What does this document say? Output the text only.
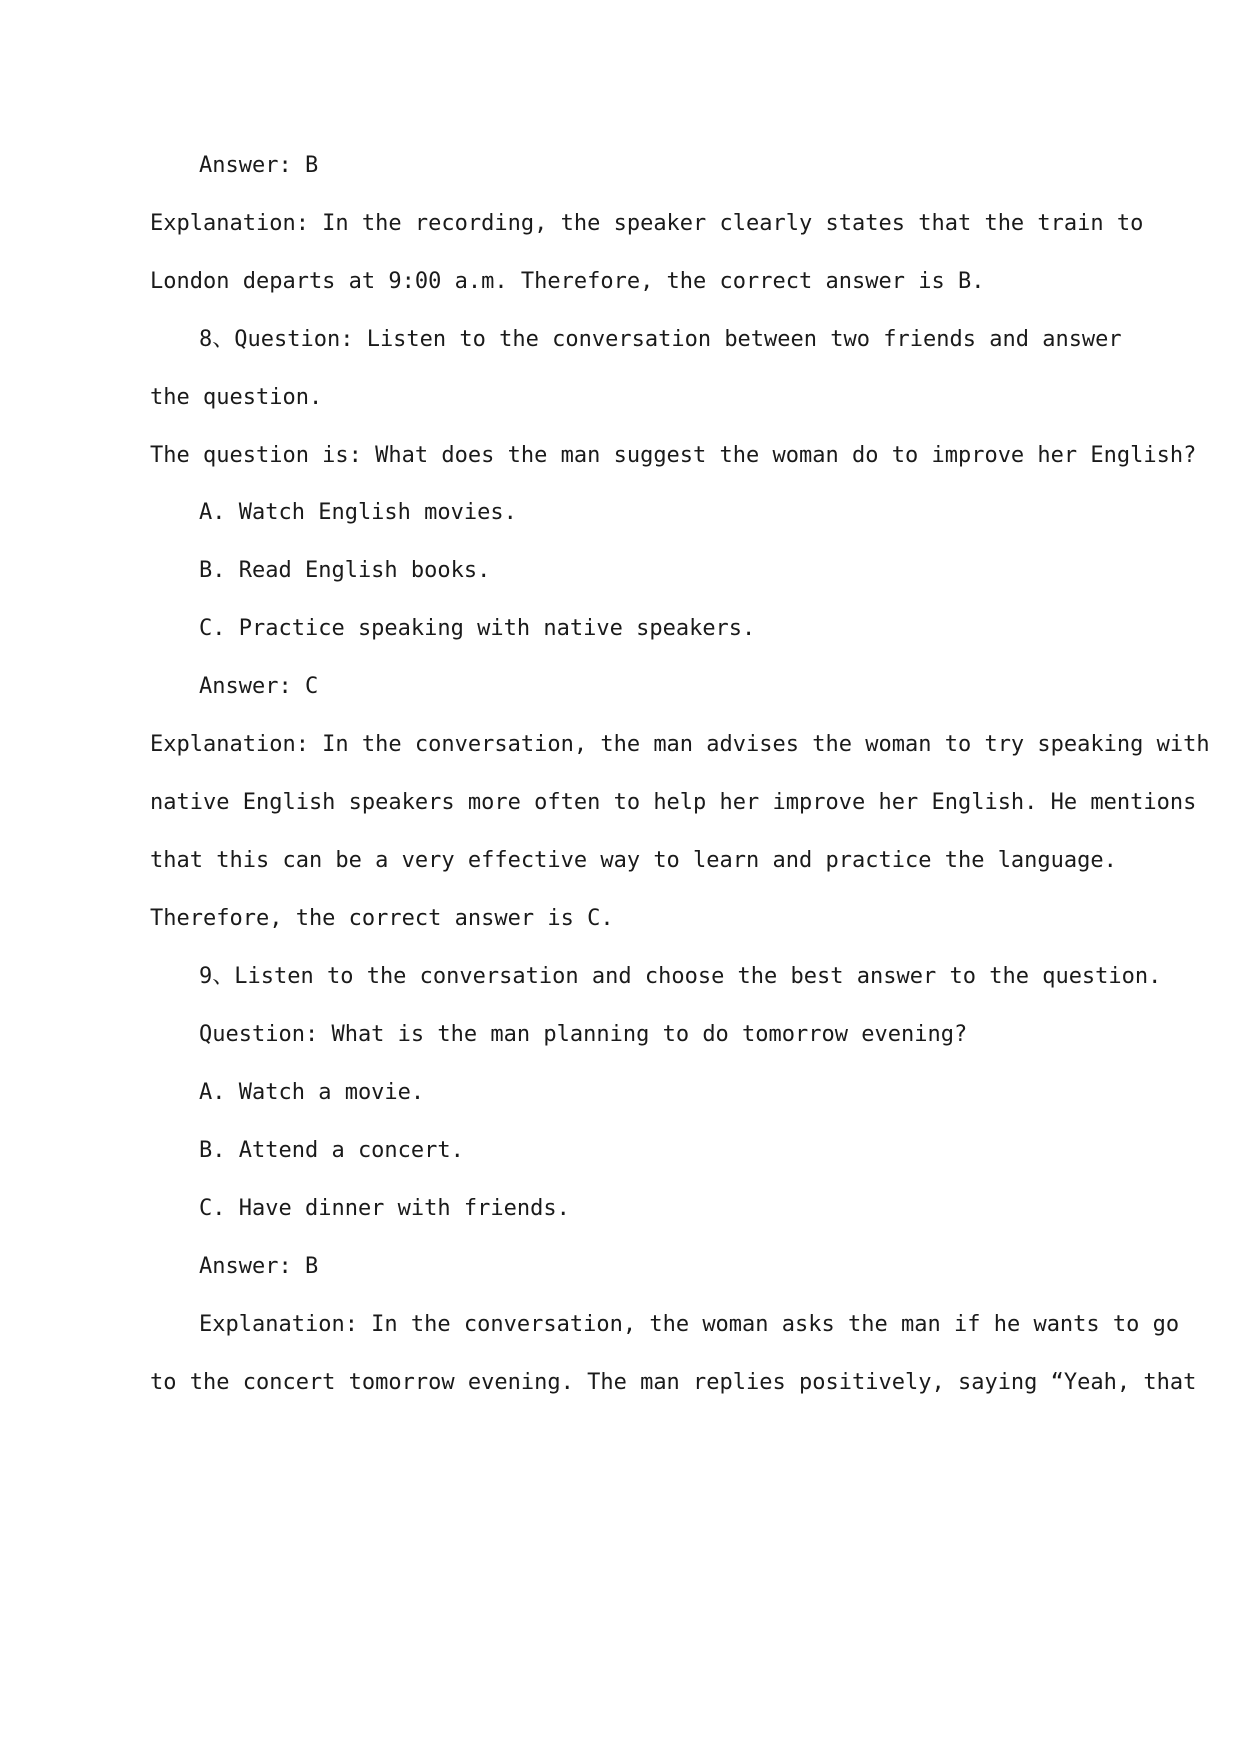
Answer: B
Explanation: In the recording, the speaker clearly states that the train to
London departs at 9:00 a.m. Therefore, the correct answer is B.
8、Question: Listen to the conversation between two friends and answer
the question.
The question is: What does the man suggest the woman do to improve her English?
A. Watch English movies.
B. Read English books.
C. Practice speaking with native speakers.
Answer: C
Explanation: In the conversation, the man advises the woman to try speaking with
native English speakers more often to help her improve her English. He mentions
that this can be a very effective way to learn and practice the language.
Therefore, the correct answer is C.
9、Listen to the conversation and choose the best answer to the question.
Question: What is the man planning to do tomorrow evening?
A. Watch a movie.
B. Attend a concert.
C. Have dinner with friends.
Answer: B
Explanation: In the conversation, the woman asks the man if he wants to go
to the concert tomorrow evening. The man replies positively, saying “Yeah, that
